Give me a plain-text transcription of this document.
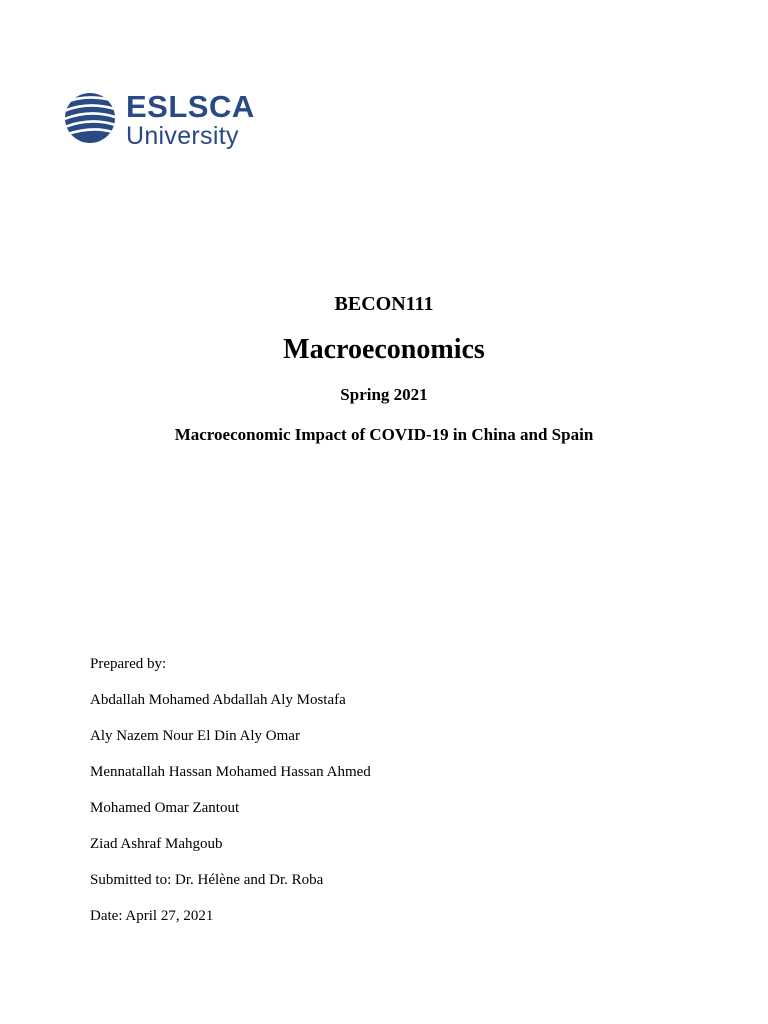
ESLSCA
University
BECON111
Macroeconomics
Spring 2021
Macroeconomic Impact of COVID-19 in China and Spain
Prepared by:
Abdallah Mohamed Abdallah Aly Mostafa
Aly Nazem Nour El Din Aly Omar
Mennatallah Hassan Mohamed Hassan Ahmed
Mohamed Omar Zantout
Ziad Ashraf Mahgoub
Submitted to: Dr. Hélène and Dr. Roba
Date: April 27, 2021
